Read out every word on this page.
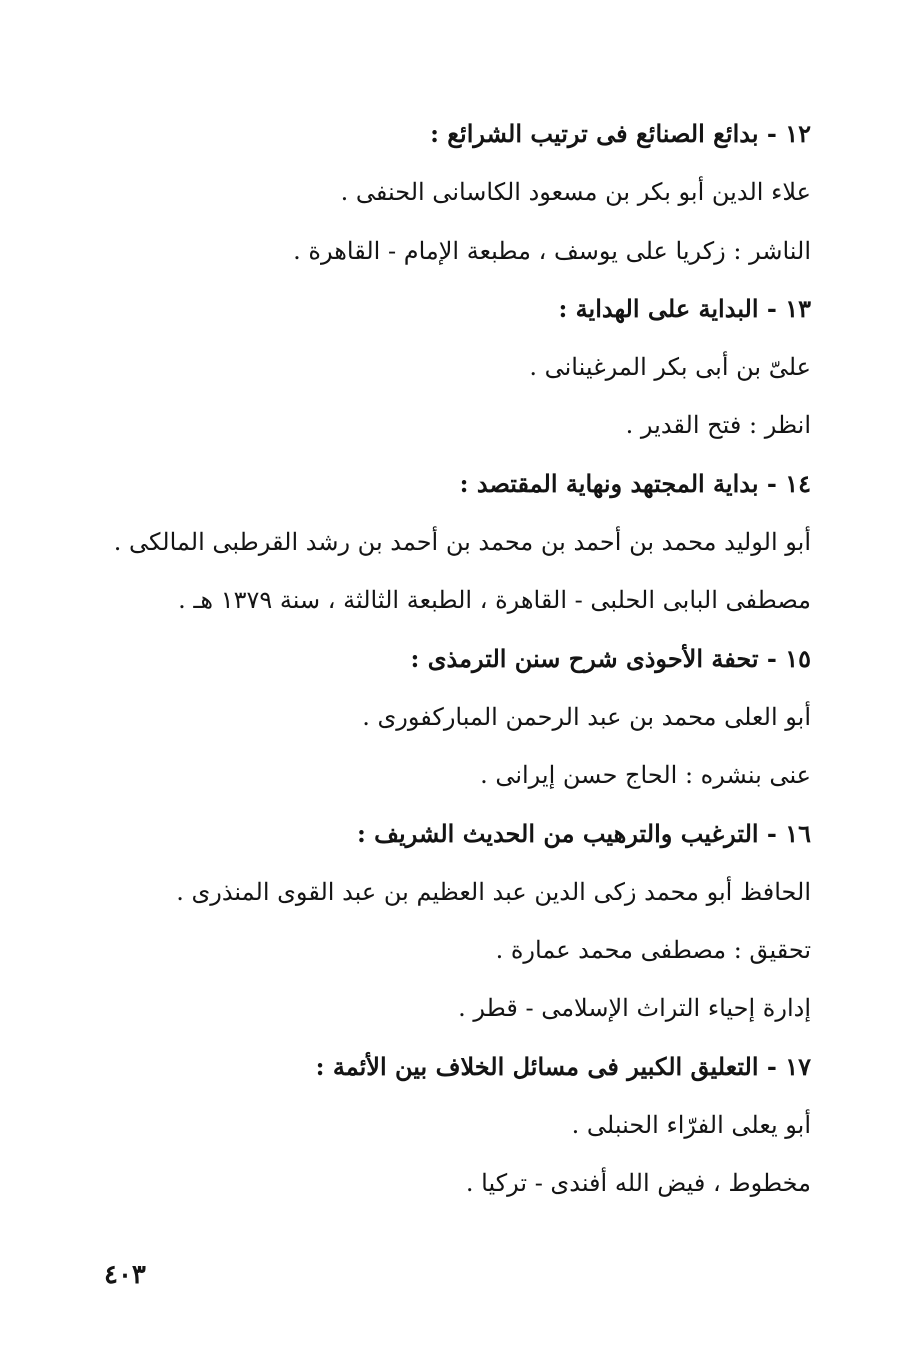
١٢ - بدائع الصنائع فى ترتيب الشرائع :
علاء الدين أبو بكر بن مسعود الكاسانى الحنفى .
الناشر : زكريا على يوسف ، مطبعة الإمام - القاهرة .
١٣ - البداية على الهداية :
علىّ بن أبى بكر المرغينانى .
انظر : فتح القدير .
١٤ - بداية المجتهد ونهاية المقتصد :
أبو الوليد محمد بن أحمد بن محمد بن أحمد بن رشد القرطبى المالكى .
مصطفى البابى الحلبى - القاهرة ، الطبعة الثالثة ، سنة ١٣٧٩ هـ .
١٥ - تحفة الأحوذى شرح سنن الترمذى :
أبو العلى محمد بن عبد الرحمن المباركفورى .
عنى بنشره : الحاج حسن إيرانى .
١٦ - الترغيب والترهيب من الحديث الشريف :
الحافظ أبو محمد زكى الدين عبد العظيم بن عبد القوى المنذرى .
تحقيق : مصطفى محمد عمارة .
إدارة إحياء التراث الإسلامى - قطر .
١٧ - التعليق الكبير فى مسائل الخلاف بين الأئمة :
أبو يعلى الفرّاء الحنبلى .
مخطوط ، فيض الله أفندى - تركيا .
٤٠٣
